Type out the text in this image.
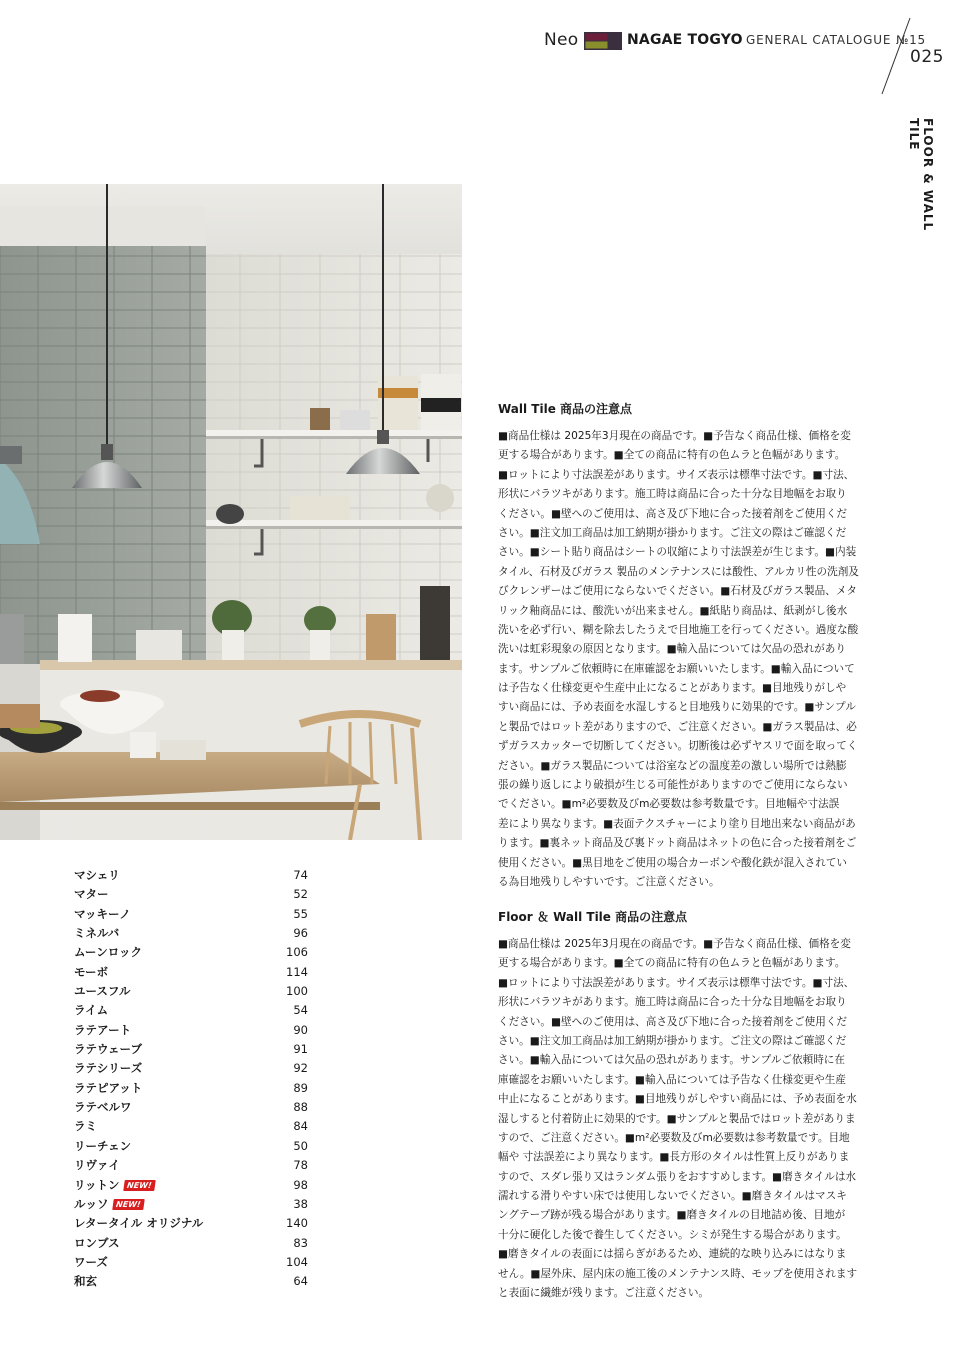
Neo	NAGAE TOGYO GENERAL CATALOGUE №15
025
FLOOR & WALL TILE
マシェリ	74
マター	52
マッキーノ	55
ミネルバ	96
ムーンロック	106
モーボ	114
ユースフル	100
ライム	54
ラテアート	90
ラテウェーブ	91
ラテシリーズ	92
ラテピアット	89
ラテベルワ	88
ラミ	84
リーチェン	50
リヴァイ	78
リットン NEW!	98
ルッソ NEW!	38
レタータイル オリジナル	140
ロンブス	83
ワーズ	104
和玄	64
Wall Tile 商品の注意点
■商品仕様は 2025年3月現在の商品です。■予告なく商品仕様、価格を変
更する場合があります。■全ての商品に特有の色ムラと色幅があります。
■ロットにより寸法誤差があります。サイズ表示は標準寸法です。■寸法、
形状にバラツキがあります。施工時は商品に合った十分な目地幅をお取り
ください。■壁へのご使用は、高さ及び下地に合った接着剤をご使用くだ
さい。■注文加工商品は加工納期が掛かります。ご注文の際はご確認くだ
さい。■シート貼り商品はシートの収縮により寸法誤差が生じます。■内装
タイル、石材及びガラス 製品のメンテナンスには酸性、アルカリ性の洗剤及
びクレンザーはご使用にならないでください。■石材及びガラス製品、メタ
リック釉商品には、酸洗いが出来ません。■紙貼り商品は、紙剥がし後水
洗いを必ず行い、糊を除去したうえで目地施工を行ってください。過度な酸
洗いは虹彩現象の原因となります。■輸入品については欠品の恐れがあり
ます。サンプルご依頼時に在庫確認をお願いいたします。■輸入品について
は予告なく仕様変更や生産中止になることがあります。■目地残りがしや
すい商品には、予め表面を水湿しすると目地残りに効果的です。■サンプル
と製品ではロット差がありますので、ご注意ください。■ガラス製品は、必
ずガラスカッターで切断してください。切断後は必ずヤスリで面を取ってく
ださい。■ガラス製品については浴室などの温度差の激しい場所では熱膨
張の繰り返しにより破損が生じる可能性がありますのでご使用にならない
でください。■m²必要数及びm必要数は参考数量です。目地幅や寸法誤
差により異なります。■表面テクスチャーにより塗り目地出来ない商品があ
ります。■裏ネット商品及び裏ドット商品はネットの色に合った接着剤をご
使用ください。■黒目地をご使用の場合カーボンや酸化鉄が混入されてい
る為目地残りしやすいです。ご注意ください。
Floor ＆ Wall Tile 商品の注意点
■商品仕様は 2025年3月現在の商品です。■予告なく商品仕様、価格を変
更する場合があります。■全ての商品に特有の色ムラと色幅があります。
■ロットにより寸法誤差があります。サイズ表示は標準寸法です。■寸法、
形状にバラツキがあります。施工時は商品に合った十分な目地幅をお取り
ください。■壁へのご使用は、高さ及び下地に合った接着剤をご使用くだ
さい。■注文加工商品は加工納期が掛かります。ご注文の際はご確認くだ
さい。■輸入品については欠品の恐れがあります。サンプルご依頼時に在
庫確認をお願いいたします。■輸入品については予告なく仕様変更や生産
中止になることがあります。■目地残りがしやすい商品には、予め表面を水
湿しすると付着防止に効果的です。■サンプルと製品ではロット差がありま
すので、ご注意ください。■m²必要数及びm必要数は参考数量です。目地
幅や 寸法誤差により異なります。■長方形のタイルは性質上反りがありま
すので、スダレ張り又はランダム張りをおすすめします。■磨きタイルは水
濡れする滑りやすい床では使用しないでください。■磨きタイルはマスキ
ングテープ跡が残る場合があります。■磨きタイルの目地詰め後、目地が
十分に硬化した後で養生してください。シミが発生する場合があります。
■磨きタイルの表面には揺らぎがあるため、連続的な映り込みにはなりま
せん。■屋外床、屋内床の施工後のメンテナンス時、モップを使用されます
と表面に繊維が残ります。ご注意ください。
